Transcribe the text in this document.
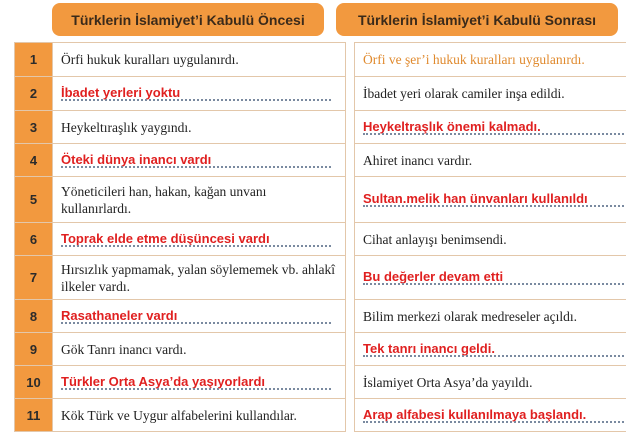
Türklerin İslamiyet’i Kabulü Öncesi	Türklerin İslamiyet’i Kabulü Sonrası
1	Örfi hukuk kuralları uygulanırdı.		Örfi ve şer’i hukuk kuralları uygulanırdı.
2	İbadet yerleri yoktu		İbadet yeri olarak camiler inşa edildi.
3	Heykeltıraşlık yaygındı.		Heykeltraşlık önemi kalmadı.

4	Öteki dünya inancı vardı		Ahiret inancı vardır.
5	Yöneticileri han, hakan, kağan unvanı kullanırlardı.		Sultan.melik han ünvanları kullanıldı

6	Toprak elde etme düşüncesi vardı		Cihat anlayışı benimsendi.
7	Hırsızlık yapmamak, yalan söylememek vb. ahlakî ilkeler vardı.		Bu değerler devam etti

8	Rasathaneler vardı		Bilim merkezi olarak medreseler açıldı.
9	Gök Tanrı inancı vardı.		Tek tanrı inancı geldi.

10	Türkler Orta Asya’da yaşıyorlardı		İslamiyet Orta Asya’da yayıldı.
11	Kök Türk ve Uygur alfabelerini kullandılar.		Arap alfabesi kullanılmaya başlandı.
